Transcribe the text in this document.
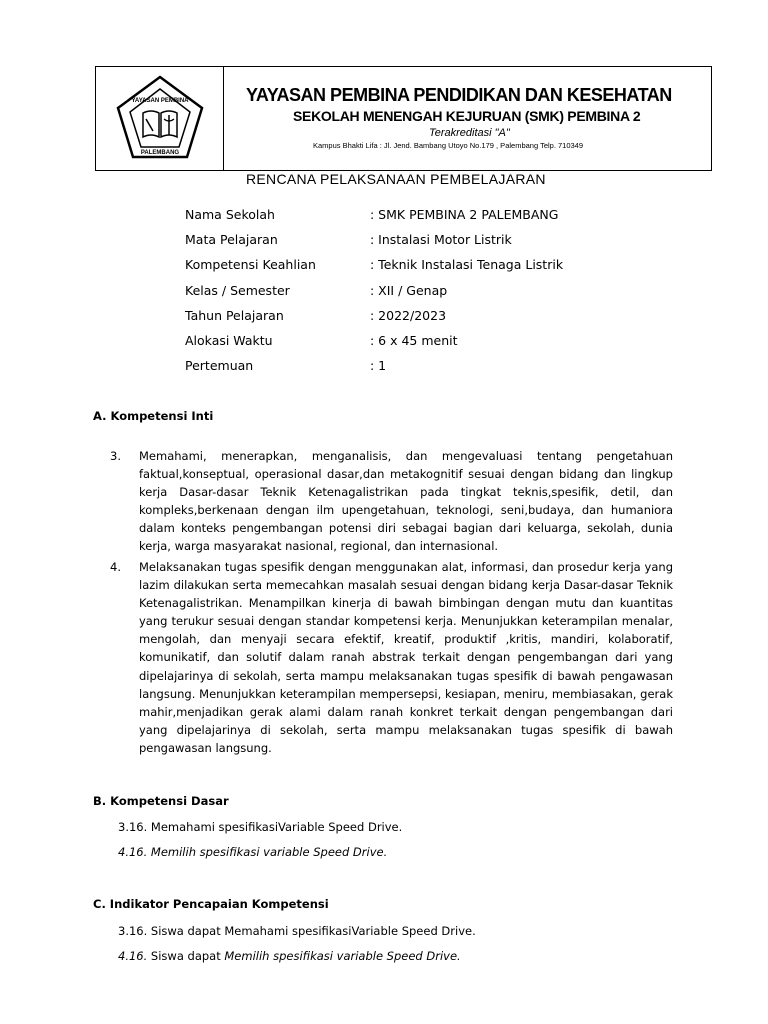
YAYASAN PEMBINA
PALEMBANG
YAYASAN PEMBINA PENDIDIKAN DAN KESEHATAN
SEKOLAH MENENGAH KEJURUAN (SMK) PEMBINA 2
Terakreditasi "A"
Kampus Bhakti Lifa : Jl. Jend. Bambang Utoyo No.179 , Palembang Telp. 710349
RENCANA PELAKSANAAN PEMBELAJARAN
Nama Sekolah	: SMK PEMBINA 2 PALEMBANG
Mata Pelajaran	: Instalasi Motor Listrik
Kompetensi Keahlian	: Teknik Instalasi Tenaga Listrik
Kelas / Semester	: XII / Genap
Tahun Pelajaran	: 2022/2023
Alokasi Waktu	: 6 x 45 menit
Pertemuan	: 1
A. Kompetensi Inti
3. Memahami, menerapkan, menganalisis, dan mengevaluasi tentang pengetahuan faktual,konseptual, operasional dasar,dan metakognitif sesuai dengan bidang dan lingkup kerja Dasar-dasar Teknik Ketenagalistrikan pada tingkat teknis,spesifik, detil, dan kompleks,berkenaan dengan ilm upengetahuan, teknologi, seni,budaya, dan humaniora dalam konteks pengembangan potensi diri sebagai bagian dari keluarga, sekolah, dunia kerja, warga masyarakat nasional, regional, dan internasional.
4. Melaksanakan tugas spesifik dengan menggunakan alat, informasi, dan prosedur kerja yang lazim dilakukan serta memecahkan masalah sesuai dengan bidang kerja Dasar-dasar Teknik Ketenagalistrikan. Menampilkan kinerja di bawah bimbingan dengan mutu dan kuantitas yang terukur sesuai dengan standar kompetensi kerja. Menunjukkan keterampilan menalar, mengolah, dan menyaji secara efektif, kreatif, produktif ,kritis, mandiri, kolaboratif, komunikatif, dan solutif dalam ranah abstrak terkait dengan pengembangan dari yang dipelajarinya di sekolah, serta mampu melaksanakan tugas spesifik di bawah pengawasan langsung. Menunjukkan keterampilan mempersepsi, kesiapan, meniru, membiasakan, gerak mahir,menjadikan gerak alami dalam ranah konkret terkait dengan pengembangan dari yang dipelajarinya di sekolah, serta mampu melaksanakan tugas spesifik di bawah pengawasan langsung.
B. Kompetensi Dasar
3.16. Memahami spesifikasiVariable Speed Drive.
4.16. Memilih spesifikasi variable Speed Drive.
C. Indikator Pencapaian Kompetensi
3.16. Siswa dapat Memahami spesifikasiVariable Speed Drive.
4.16. Siswa dapat Memilih spesifikasi variable Speed Drive.
